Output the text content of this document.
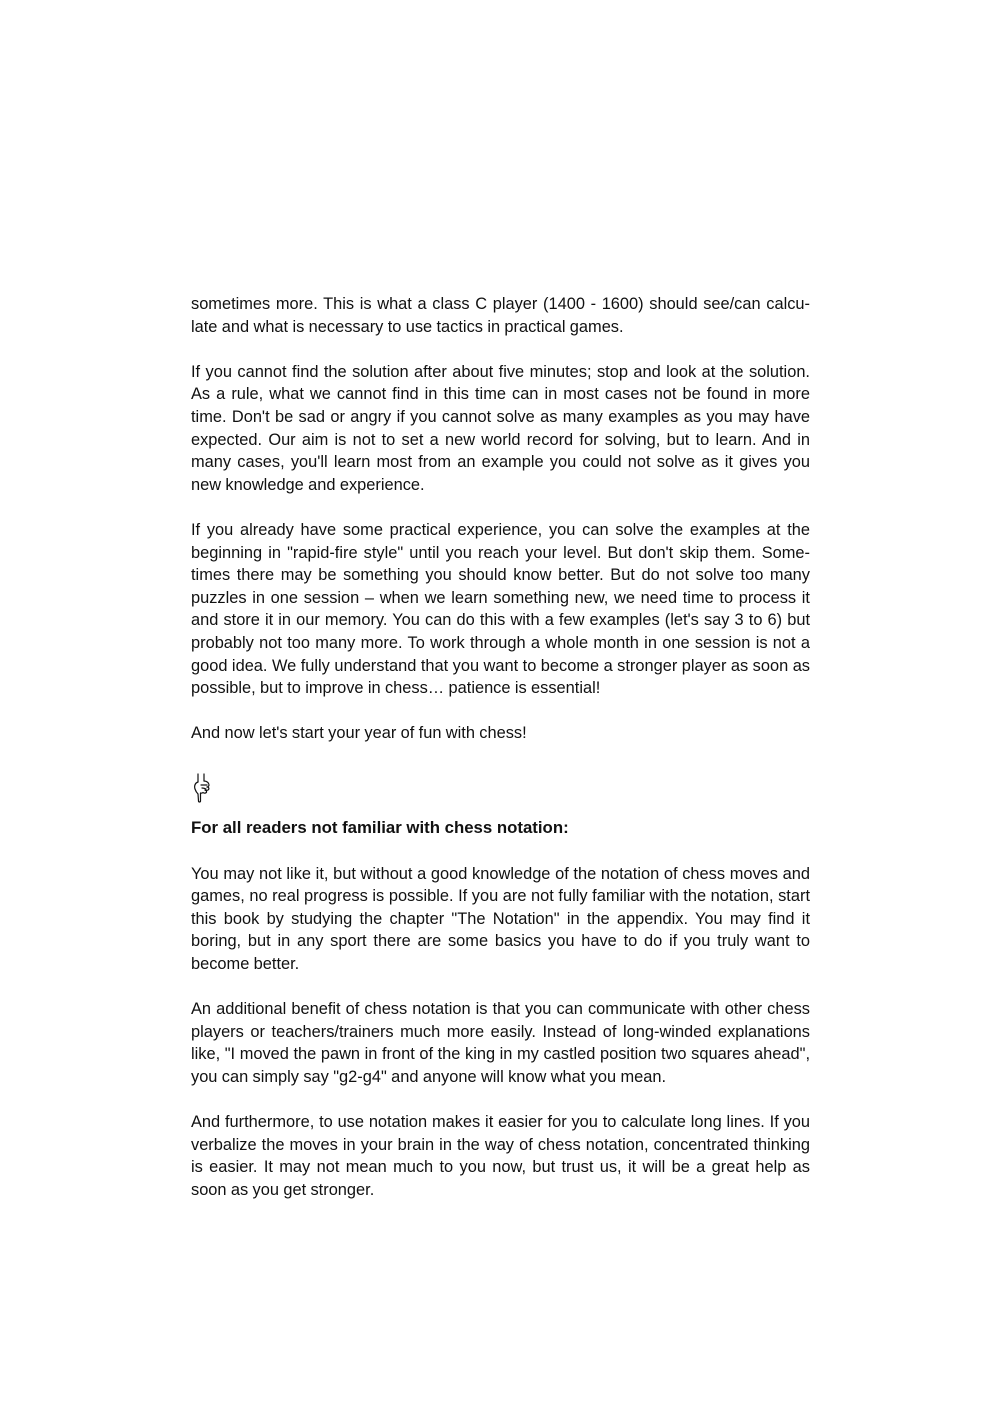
sometimes more. This is what a class C player (1400 - 1600) should see/can calculate and what is necessary to use tactics in practical games.

If you cannot find the solution after about five minutes; stop and look at the solution. As a rule, what we cannot find in this time can in most cases not be found in more time. Don't be sad or angry if you cannot solve as many examples as you may have expected. Our aim is not to set a new world record for solving, but to learn. And in many cases, you'll learn most from an example you could not solve as it gives you new knowledge and experience.

If you already have some practical experience, you can solve the examples at the beginning in "rapid-fire style" until you reach your level. But don't skip them. Sometimes there may be something you should know better. But do not solve too many puzzles in one session – when we learn something new, we need time to process it and store it in our memory. You can do this with a few examples (let's say 3 to 6) but probably not too many more. To work through a whole month in one session is not a good idea. We fully understand that you want to become a stronger player as soon as possible, but to improve in chess… patience is essential!

And now let's start your year of fun with chess!

For all readers not familiar with chess notation:

You may not like it, but without a good knowledge of the notation of chess moves and games, no real progress is possible. If you are not fully familiar with the notation, start this book by studying the chapter "The Notation" in the appendix. You may find it boring, but in any sport there are some basics you have to do if you truly want to become better.

An additional benefit of chess notation is that you can communicate with other chess players or teachers/trainers much more easily. Instead of long-winded explanations like, "I moved the pawn in front of the king in my castled position two squares ahead", you can simply say "g2-g4" and anyone will know what you mean.

And furthermore, to use notation makes it easier for you to calculate long lines. If you verbalize the moves in your brain in the way of chess notation, concentrated thinking is easier. It may not mean much to you now, but trust us, it will be a great help as soon as you get stronger.
